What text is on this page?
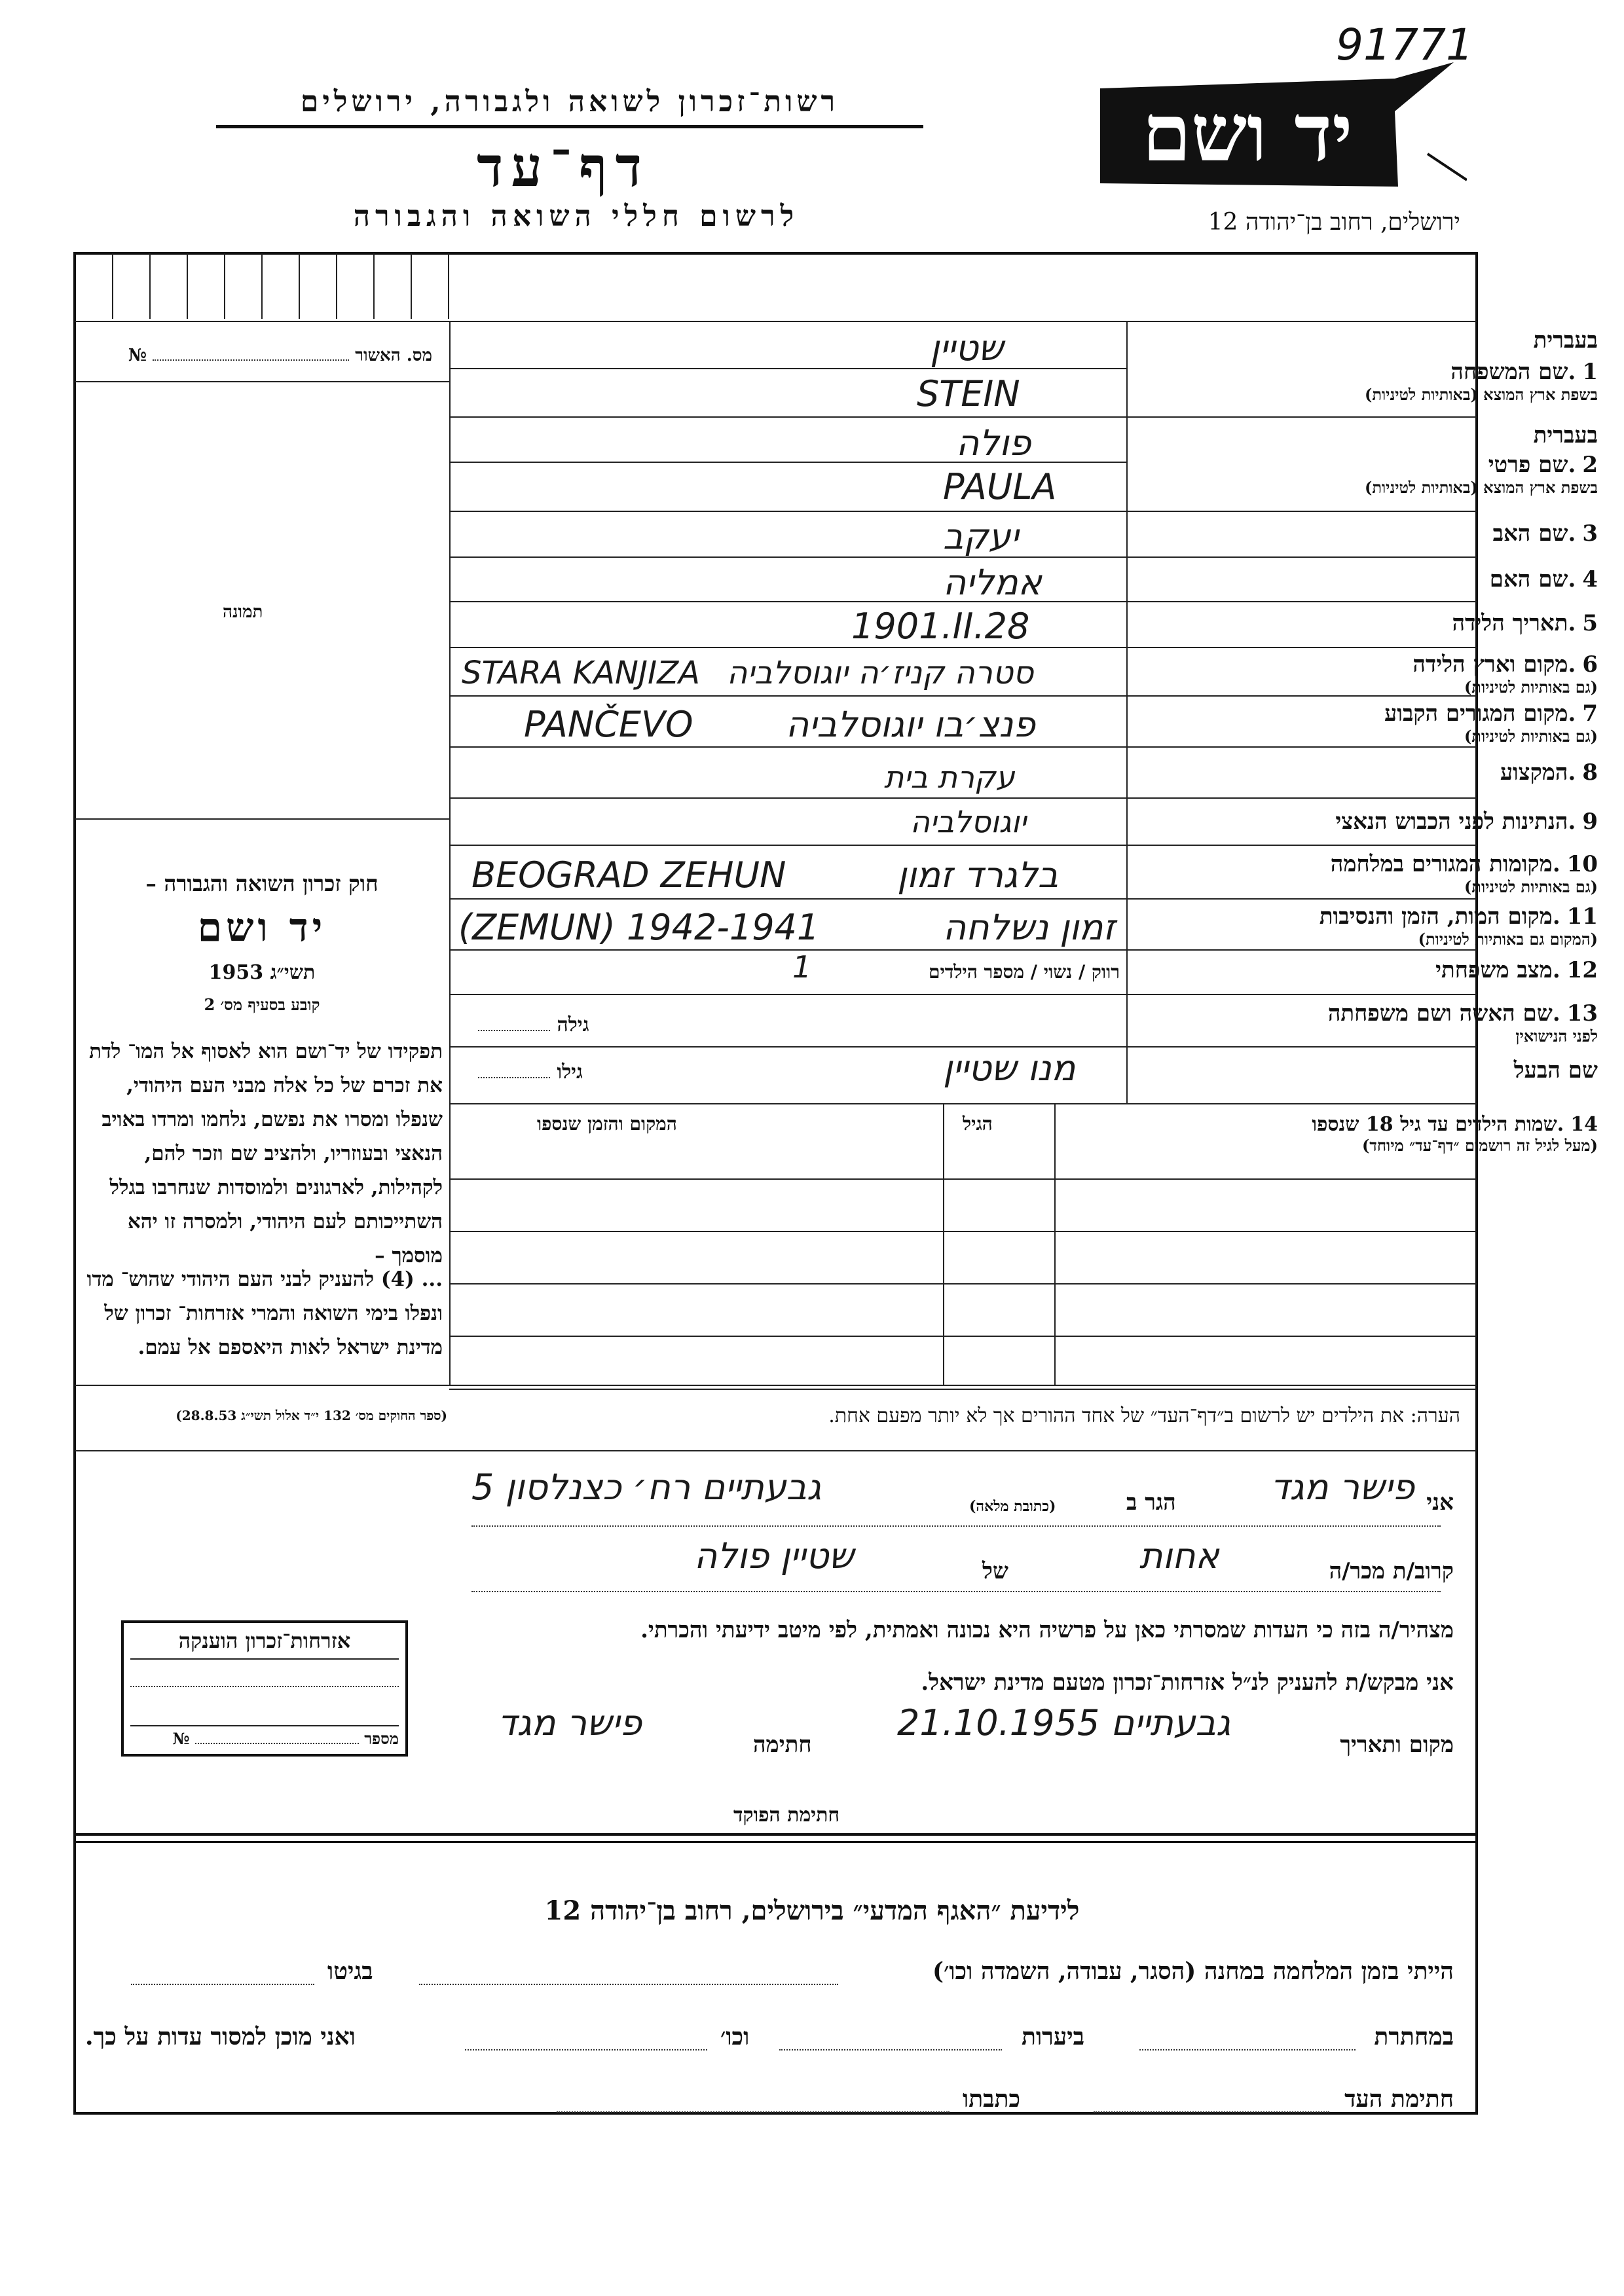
91771
רשות־זכרון לשואה ולגבורה, ירושלים
דף־עד
לרשום חללי השואה והגבורה
יד ושם
ירושלים, רחוב בן־יהודה 12
מס. האשור  №
תמונה
חוק זכרון השואה והגבורה –
יד ושם
תשי״ג 1953
קובע בסעיף מס׳ 2
תפקידו של יד־ושם הוא לאסוף אל המו־ לדת את זכרם של כל אלה מבני העם היהודי, שנפלו ומסרו את נפשם, נלחמו ומרדו באויב הנאצי ובעוזריו, ולהציב שם וזכר להם, לקהילות, לארגונים ולמוסדות שנחרבו בגלל השתייכותם לעם היהודי, ולמסרה זו יהא מוסמך –
... (4) להעניק לבני העם היהודי שהוש־ מדו ונפלו בימי השואה והמרי אזרחות־ זכרון של מדינת ישראל לאות היאספם אל עמם.
(ספר החוקים מס׳ 132 י״ד אלול תשי״ג 28.8.53)
בעברית
1.שם המשפחה
בשפת ארץ המוצא (באותיות לטיניות)
שטיין
STEIN
בעברית
2.שם פרטי
בשפת ארץ המוצא (באותיות לטיניות)
פולה
PAULA
3.שם האב
יעקב
4.שם האם
אמליה
5.תאריך הלידה
1901.II.28
6.מקום וארץ הלידה
(גם באותיות לטיניות)
STARA KANJIZA סטרה קניז׳ה יוגוסלביה
7.מקום המגורים הקבוע
(גם באותיות לטיניות)
PANČEVO	פנצ׳בו יוגוסלביה
8.המקצוע
עקרת בית
9.הנתינות לפני הכבוש הנאצי
יוגוסלביה
10.מקומות המגורים במלחמה
(גם באותיות לטיניות)
BEOGRAD ZEHUN	בלגרד זמון
11.מקום המות, הזמן והנסיבות
(המקום גם באותיות לטיניות)
(ZEMUN) 1942-1941	זמון נשלחה
12.מצב משפחתי
רווק / נשוי / מספר הילדים
1
13.שם האשה ושם משפחתה
לפני הנישואין
גילה
שם הבעל
גילו	מנו שטיין
14.שמות הילדים עד גיל 18 שנספו
(מעל לגיל זה רושמים ״דף־עד״ מיוחד)
הגיל
המקום והזמן שנספו
הערה: את הילדים יש לרשום ב״דף־העד״ של אחד ההורים אך לא יותר מפעם אחת.
אני
פישר מגד
הגר ב
(כתובת מלאה)
גבעתיים רח׳ כצנלסון 5
קרוב/ת מכר/ה
אחות
של
שטיין פולה
מצהיר/ה בזה כי העדות שמסרתי כאן על פרשיה היא נכונה ואמתית, לפי מיטב ידיעתי והכרתי.
אני מבקש/ת להעניק לנ״ל אזרחות־זכרון מטעם מדינת ישראל.
מקום ותאריך
גבעתיים 21.10.1955
חתימה
פישר מגד
חתימת הפוקד
אזרחות־זכרון הוענקה
מספר  №
לידיעת ״האגף המדעי״ בירושלים, רחוב בן־יהודה 12
הייתי בזמן המלחמה במחנה (הסגר, עבודה, השמדה וכו׳)
בגיטו
במחתרת
ביערות
וכו׳
ואני מוכן למסור עדות על כך.
חתימת העד
כתבתו
